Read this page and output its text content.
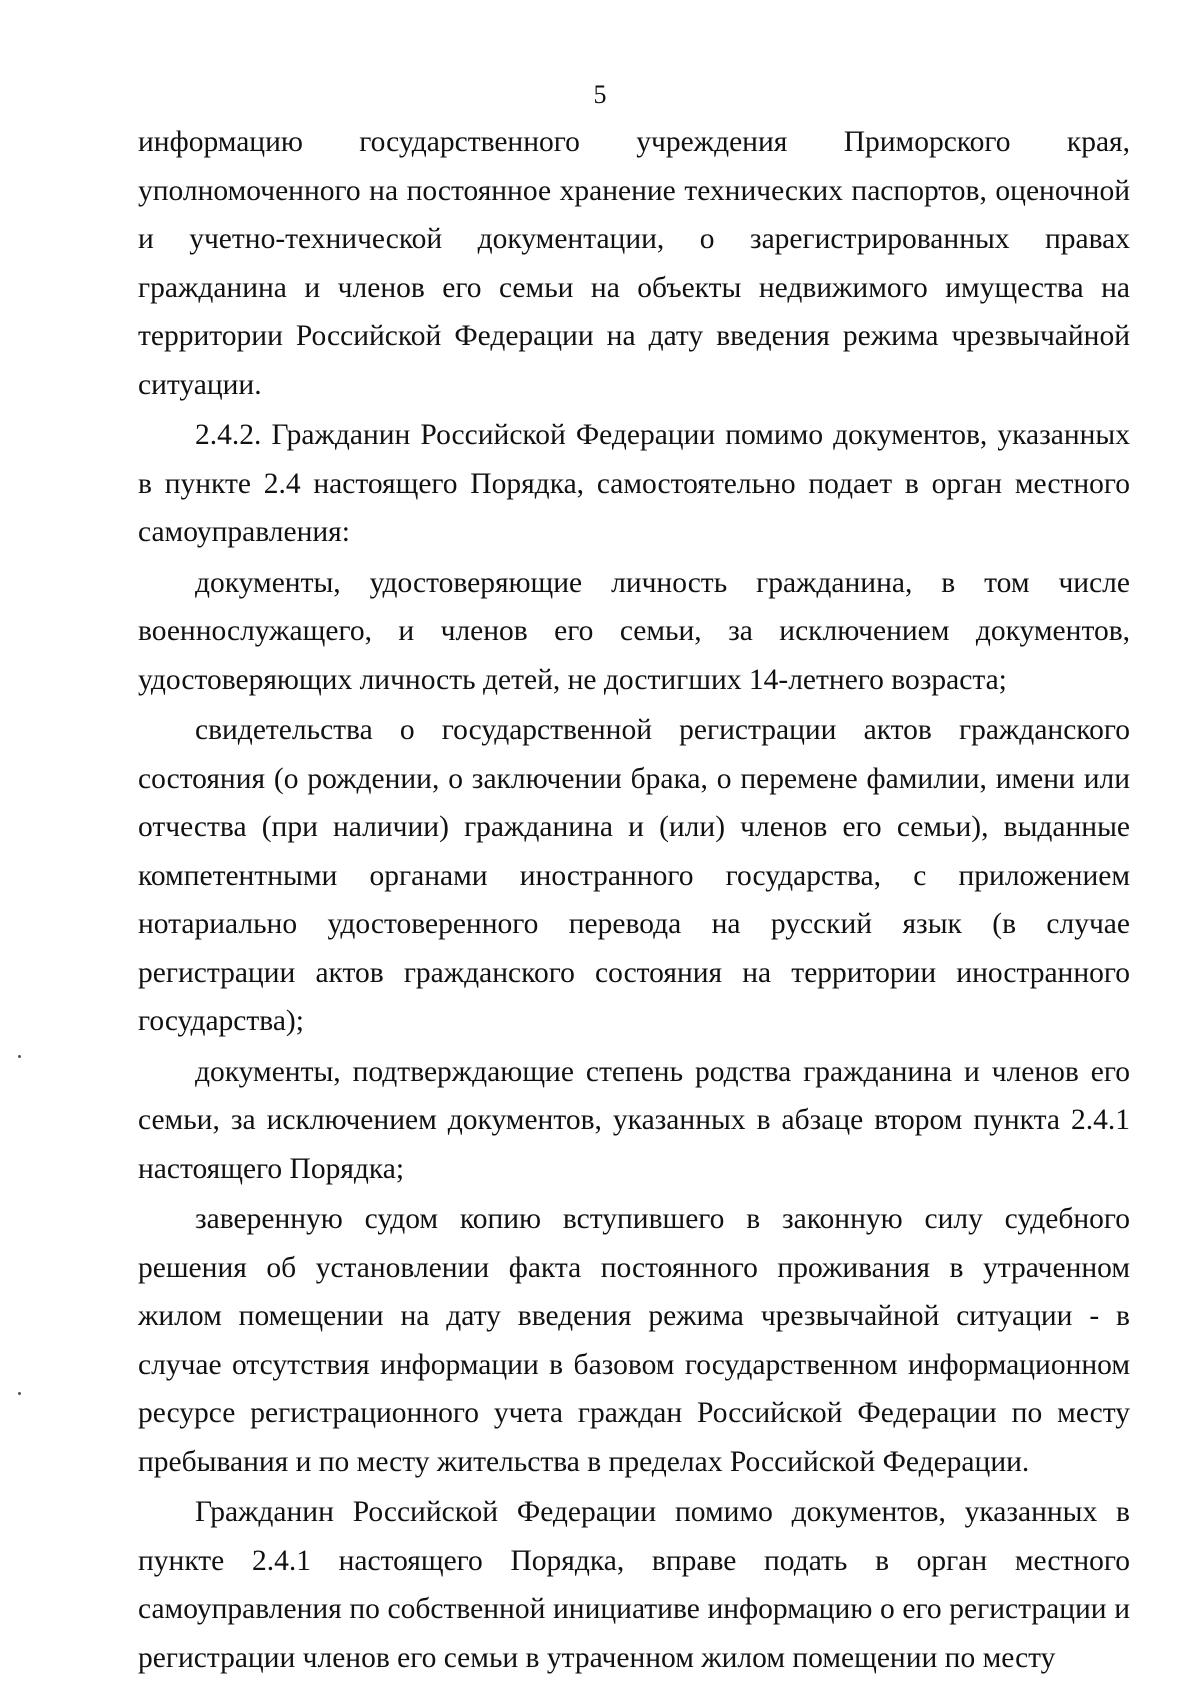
5

информацию государственного учреждения Приморского края, уполномоченного на постоянное хранение технических паспортов, оценочной и учетно-технической документации, о зарегистрированных правах гражданина и членов его семьи на объекты недвижимого имущества на территории Российской Федерации на дату введения режима чрезвычайной ситуации.

2.4.2. Гражданин Российской Федерации помимо документов, указанных в пункте 2.4 настоящего Порядка, самостоятельно подает в орган местного самоуправления:

документы, удостоверяющие личность гражданина, в том числе военнослужащего, и членов его семьи, за исключением документов, удостоверяющих личность детей, не достигших 14-летнего возраста;

свидетельства о государственной регистрации актов гражданского состояния (о рождении, о заключении брака, о перемене фамилии, имени или отчества (при наличии) гражданина и (или) членов его семьи), выданные компетентными органами иностранного государства, с приложением нотариально удостоверенного перевода на русский язык (в случае регистрации актов гражданского состояния на территории иностранного государства);

документы, подтверждающие степень родства гражданина и членов его семьи, за исключением документов, указанных в абзаце втором пункта 2.4.1 настоящего Порядка;

заверенную судом копию вступившего в законную силу судебного решения об установлении факта постоянного проживания в утраченном жилом помещении на дату введения режима чрезвычайной ситуации - в случае отсутствия информации в базовом государственном информационном ресурсе регистрационного учета граждан Российской Федерации по месту пребывания и по месту жительства в пределах Российской Федерации.

Гражданин Российской Федерации помимо документов, указанных в пункте 2.4.1 настоящего Порядка, вправе подать в орган местного самоуправления по собственной инициативе информацию о его регистрации и регистрации членов его семьи в утраченном жилом помещении по месту
